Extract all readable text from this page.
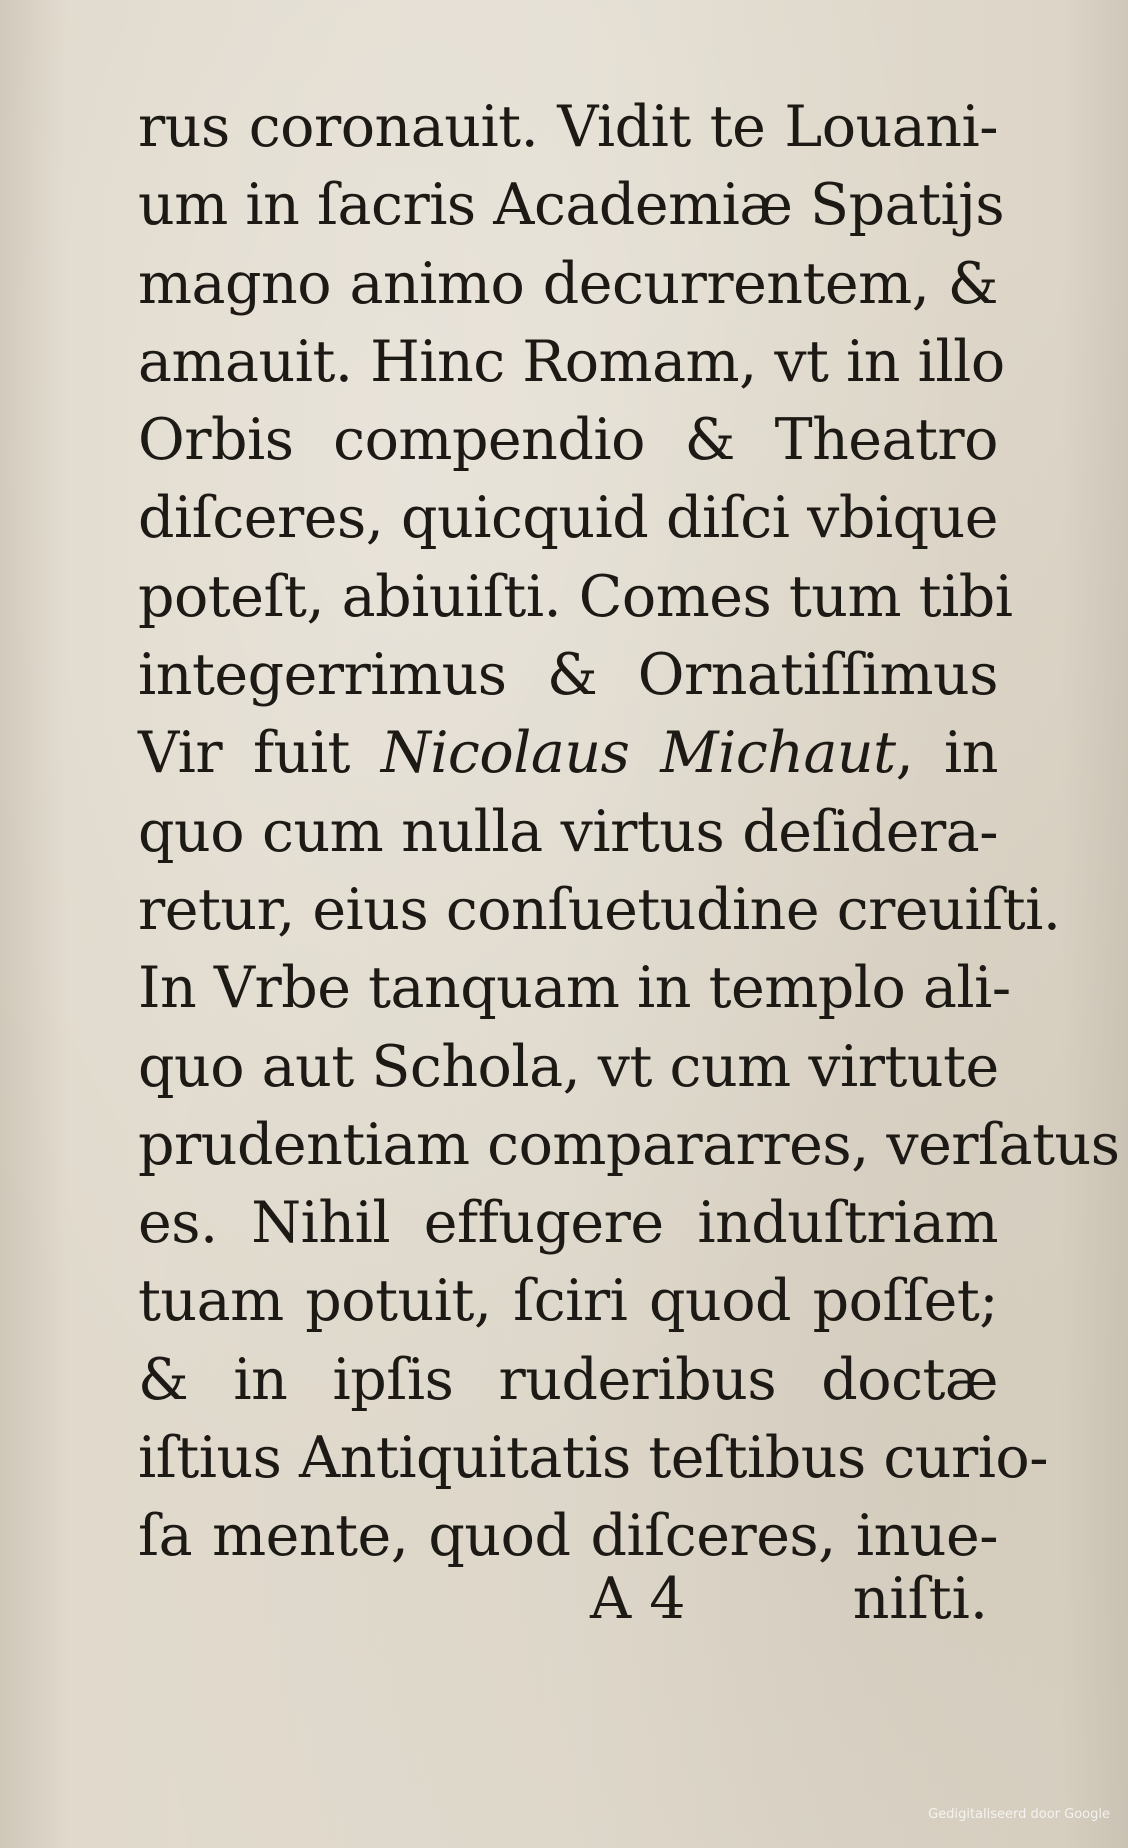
rus coronauit. Vidit te Louani-
um in ſacris Academiæ Spatijs
magno animo decurrentem, &
amauit. Hinc Romam, vt in illo
Orbis compendio & Theatro
diſceres, quicquid diſci vbique
poteſt, abiuiſti. Comes tum tibi
integerrimus & Ornatiſſimus
Vir fuit Nicolaus Michaut, in
quo cum nulla virtus deſidera-
retur, eius conſuetudine creuiſti.
In Vrbe tanquam in templo ali-
quo aut Schola, vt cum virtute
prudentiam compararres, verſatus
es. Nihil effugere induſtriam
tuam potuit, ſciri quod poſſet;
& in ipſis ruderibus doctæ
iſtius Antiquitatis teſtibus curio-
ſa mente, quod diſceres, inue-
A 4	niſti.
Gedigitaliseerd door Google
